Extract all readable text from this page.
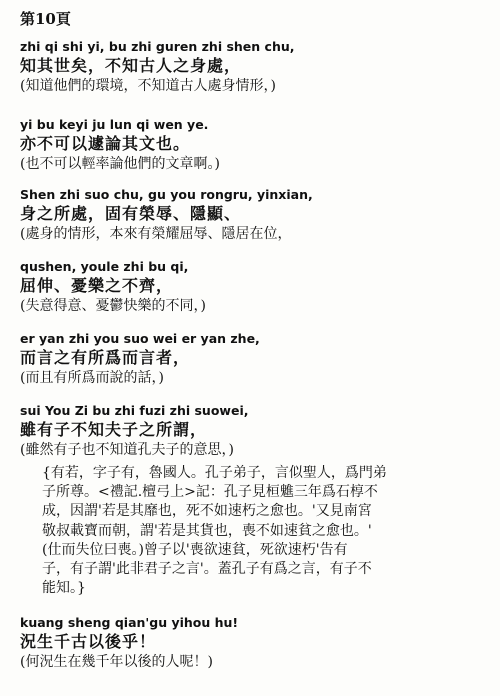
第10頁
zhi qi shi yi, bu zhi guren zhi shen chu,
知其世矣，不知古人之身處，
(知道他們的環境，不知道古人處身情形，)
yi bu keyi ju lun qi wen ye.
亦不可以遽論其文也。
(也不可以輕率論他們的文章啊。)
Shen zhi suo chu, gu you rongru, yinxian,
身之所處，固有榮辱、隱顯、
(處身的情形，本來有榮耀屈辱、隱居在位，
qushen, youle zhi bu qi,
屈伸、憂樂之不齊，
(失意得意、憂鬱快樂的不同，)
er yan zhi you suo wei er yan zhe,
而言之有所爲而言者，
(而且有所爲而說的話，)
sui You Zi bu zhi fuzi zhi suowei,
雖有子不知夫子之所謂，
(雖然有子也不知道孔夫子的意思，)
{有若，字子有，魯國人。孔子弟子，言似聖人，爲門弟
子所尊。<禮記.檀弓上>記：孔子見桓魋三年爲石椁不
成，因謂'若是其靡也，死不如速朽之愈也。'又見南宮
敬叔載寶而朝，謂'若是其貨也，喪不如速貧之愈也。'
(仕而失位曰喪。)曾子以'喪欲速貧，死欲速朽'告有
子，有子謂'此非君子之言'。蓋孔子有爲之言，有子不
能知。}
kuang sheng qian'gu yihou hu!
況生千古以後乎！
(何況生在幾千年以後的人呢！)
